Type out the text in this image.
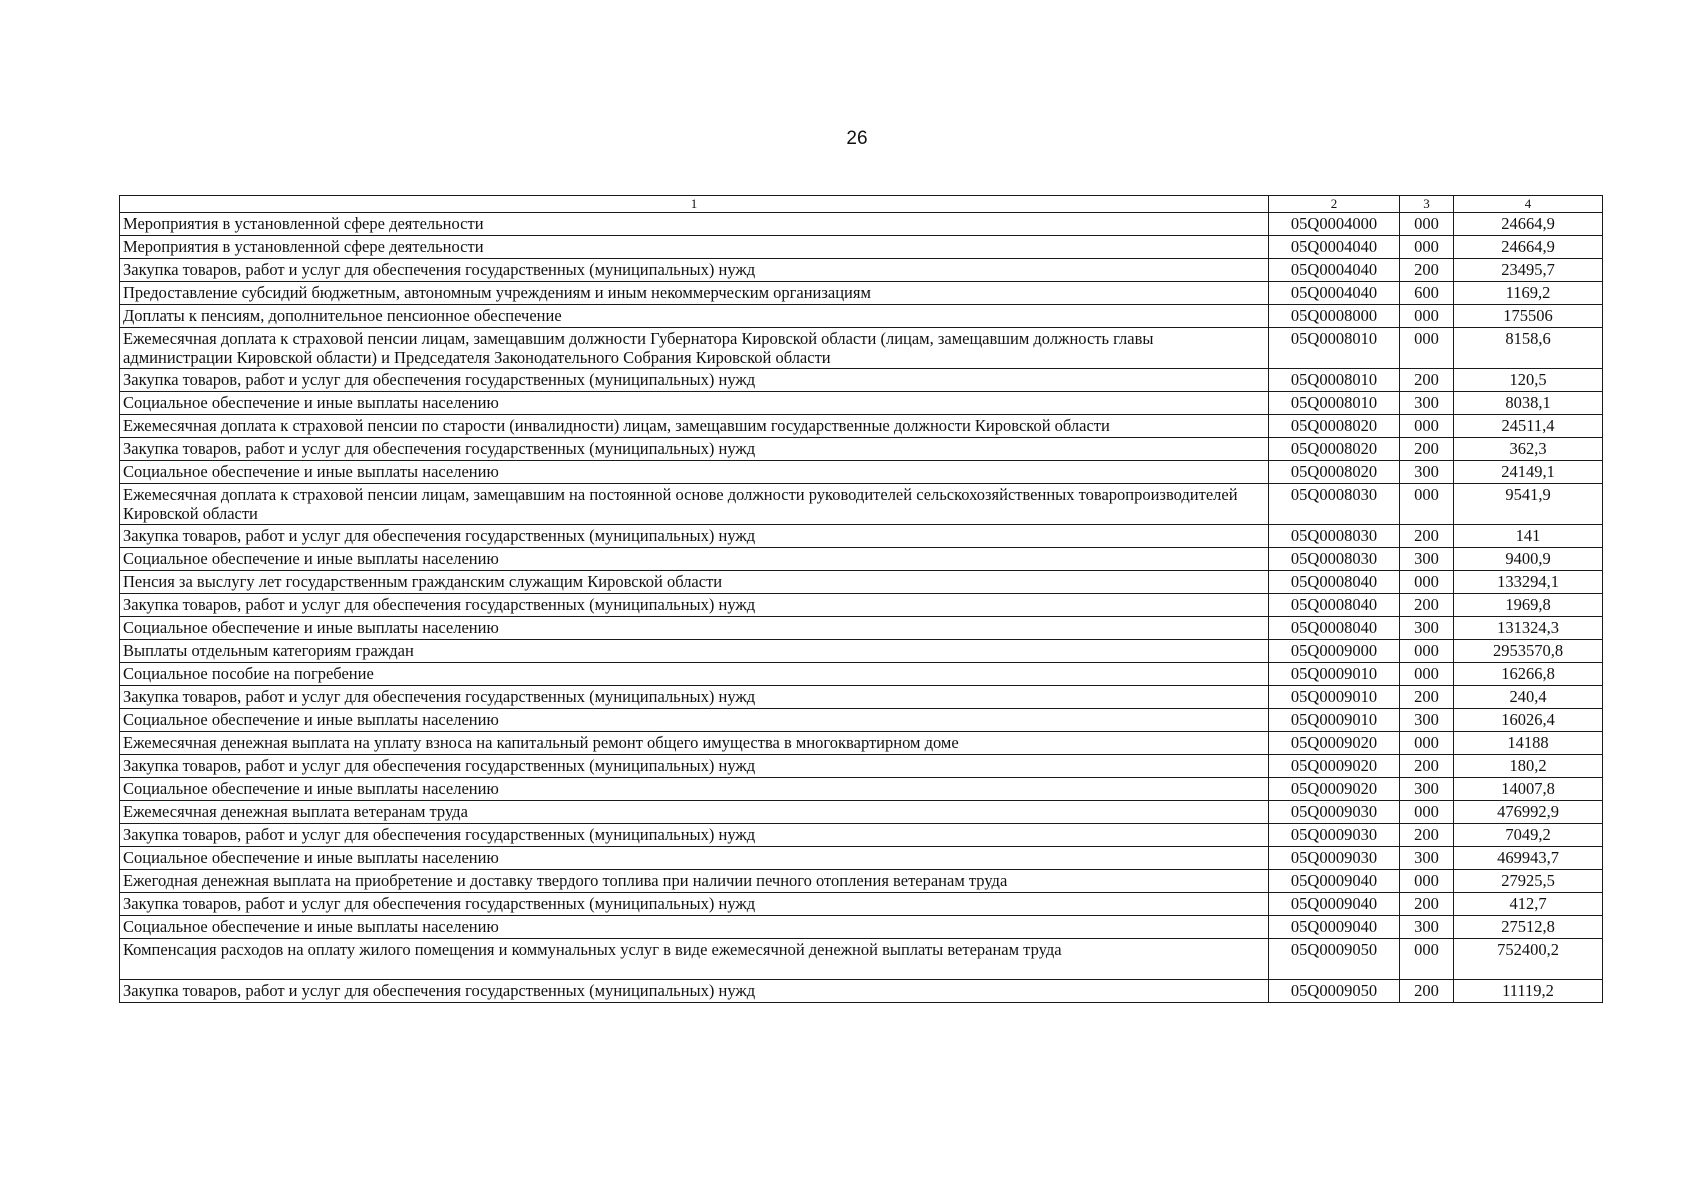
26
1	2	3	4
Мероприятия в установленной сфере деятельности	05Q0004000	000	24664,9
Мероприятия в установленной сфере деятельности	05Q0004040	000	24664,9
Закупка товаров, работ и услуг для обеспечения государственных (муниципальных) нужд	05Q0004040	200	23495,7
Предоставление субсидий бюджетным, автономным учреждениям и иным некоммерческим организациям	05Q0004040	600	1169,2
Доплаты к пенсиям, дополнительное пенсионное обеспечение	05Q0008000	000	175506
Ежемесячная доплата к страховой пенсии лицам, замещавшим должности Губернатора Кировской области (лицам, замещавшим должность главы администрации Кировской области) и Председателя Законодательного Собрания Кировской области	05Q0008010	000	8158,6
Закупка товаров, работ и услуг для обеспечения государственных (муниципальных) нужд	05Q0008010	200	120,5
Социальное обеспечение и иные выплаты населению	05Q0008010	300	8038,1
Ежемесячная доплата к страховой пенсии по старости (инвалидности) лицам, замещавшим государственные должности Кировской области	05Q0008020	000	24511,4
Закупка товаров, работ и услуг для обеспечения государственных (муниципальных) нужд	05Q0008020	200	362,3
Социальное обеспечение и иные выплаты населению	05Q0008020	300	24149,1
Ежемесячная доплата к страховой пенсии лицам, замещавшим на постоянной основе должности руководителей сельскохозяйственных товаропроизводителей Кировской области	05Q0008030	000	9541,9
Закупка товаров, работ и услуг для обеспечения государственных (муниципальных) нужд	05Q0008030	200	141
Социальное обеспечение и иные выплаты населению	05Q0008030	300	9400,9
Пенсия за выслугу лет государственным гражданским служащим Кировской области	05Q0008040	000	133294,1
Закупка товаров, работ и услуг для обеспечения государственных (муниципальных) нужд	05Q0008040	200	1969,8
Социальное обеспечение и иные выплаты населению	05Q0008040	300	131324,3
Выплаты отдельным категориям граждан	05Q0009000	000	2953570,8
Социальное пособие на погребение	05Q0009010	000	16266,8
Закупка товаров, работ и услуг для обеспечения государственных (муниципальных) нужд	05Q0009010	200	240,4
Социальное обеспечение и иные выплаты населению	05Q0009010	300	16026,4
Ежемесячная денежная выплата на уплату взноса на капитальный ремонт общего имущества в многоквартирном доме	05Q0009020	000	14188
Закупка товаров, работ и услуг для обеспечения государственных (муниципальных) нужд	05Q0009020	200	180,2
Социальное обеспечение и иные выплаты населению	05Q0009020	300	14007,8
Ежемесячная денежная выплата ветеранам труда	05Q0009030	000	476992,9
Закупка товаров, работ и услуг для обеспечения государственных (муниципальных) нужд	05Q0009030	200	7049,2
Социальное обеспечение и иные выплаты населению	05Q0009030	300	469943,7
Ежегодная денежная выплата на приобретение и доставку твердого топлива при наличии печного отопления ветеранам труда	05Q0009040	000	27925,5
Закупка товаров, работ и услуг для обеспечения государственных (муниципальных) нужд	05Q0009040	200	412,7
Социальное обеспечение и иные выплаты населению	05Q0009040	300	27512,8
Компенсация расходов на оплату жилого помещения и коммунальных услуг в виде ежемесячной денежной выплаты ветеранам труда	05Q0009050	000	752400,2
Закупка товаров, работ и услуг для обеспечения государственных (муниципальных) нужд	05Q0009050	200	11119,2
